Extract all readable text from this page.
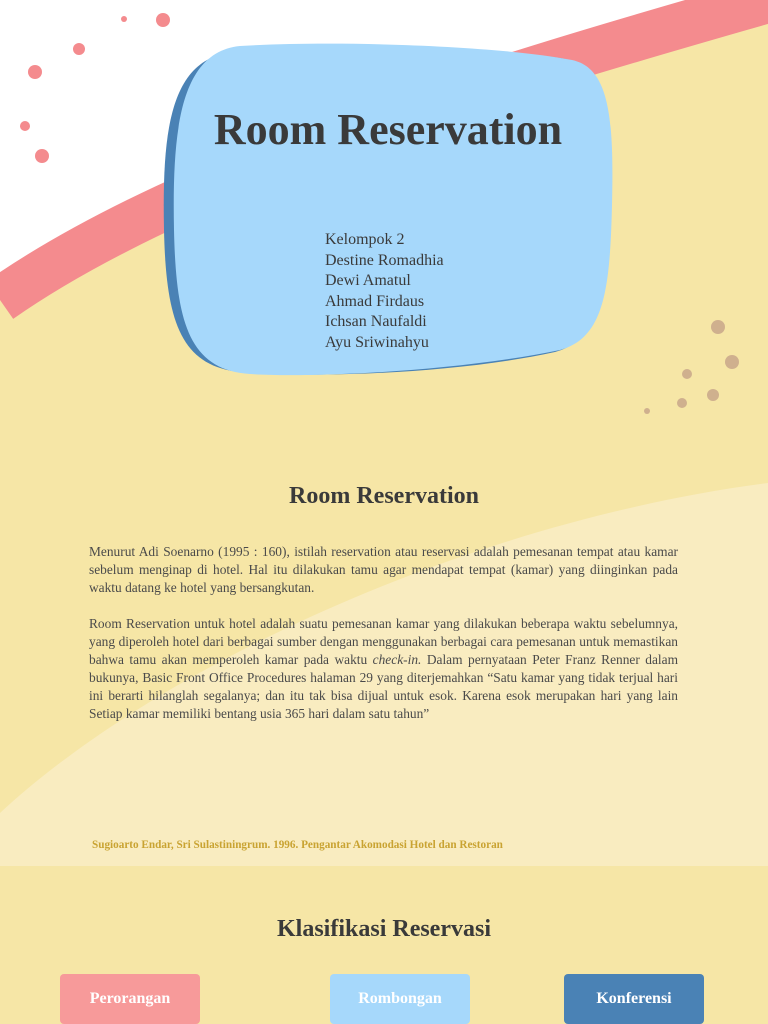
Room Reservation
Kelompok 2
Destine Romadhia
Dewi Amatul
Ahmad Firdaus
Ichsan Naufaldi
Ayu Sriwinahyu
Room Reservation

Menurut Adi Soenarno (1995 : 160), istilah reservation atau reservasi adalah pemesanan tempat atau kamar sebelum menginap di hotel. Hal itu dilakukan tamu agar mendapat tempat (kamar) yang diinginkan pada waktu datang ke hotel yang bersangkutan.

Room Reservation untuk hotel adalah suatu pemesanan kamar yang dilakukan beberapa waktu sebelumnya, yang diperoleh hotel dari berbagai sumber dengan menggunakan berbagai cara pemesanan untuk memastikan bahwa tamu akan memperoleh kamar pada waktu check-in. Dalam pernyataan Peter Franz Renner dalam bukunya, Basic Front Office Procedures halaman 29 yang diterjemahkan “Satu kamar yang tidak terjual hari ini berarti hilanglah segalanya; dan itu tak bisa dijual untuk esok. Karena esok merupakan hari yang lain Setiap kamar memiliki bentang usia 365 hari dalam satu tahun”

Sugioarto Endar, Sri Sulastiningrum. 1996. Pengantar Akomodasi Hotel dan Restoran

Klasifikasi Reservasi
Perorangan	Rombongan	Konferensi
